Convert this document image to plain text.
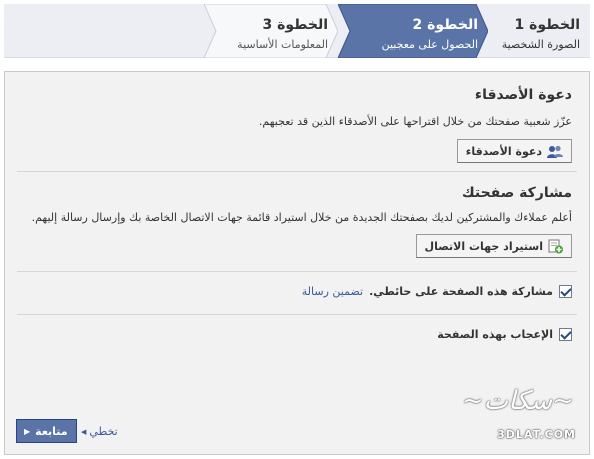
الخطوة 3
المعلومات الأساسية
الخطوة 2
الحصول على معجبين
الخطوة 1
الصورة الشخصية
دعوة الأصدقاء
عزّز شعبية صفحتك من خلال اقتراحها على الأصدقاء الذين قد تعجبهم.
دعوة الأصدقاء
مشاركة صفحتك
أعلم عملاءك والمشتركين لديك بصفحتك الجديدة من خلال استيراد قائمة جهات الاتصال الخاصة بك وإرسال رسالة إليهم.
استيراد جهات الاتصال
مشاركة هذه الصفحة على حائطي.
تضمين رسالة
الإعجاب بهذه الصفحة
متابعة
▶	تخطي
◀
~ﺳﻜﺎﺕ~
3DLAT.COM
